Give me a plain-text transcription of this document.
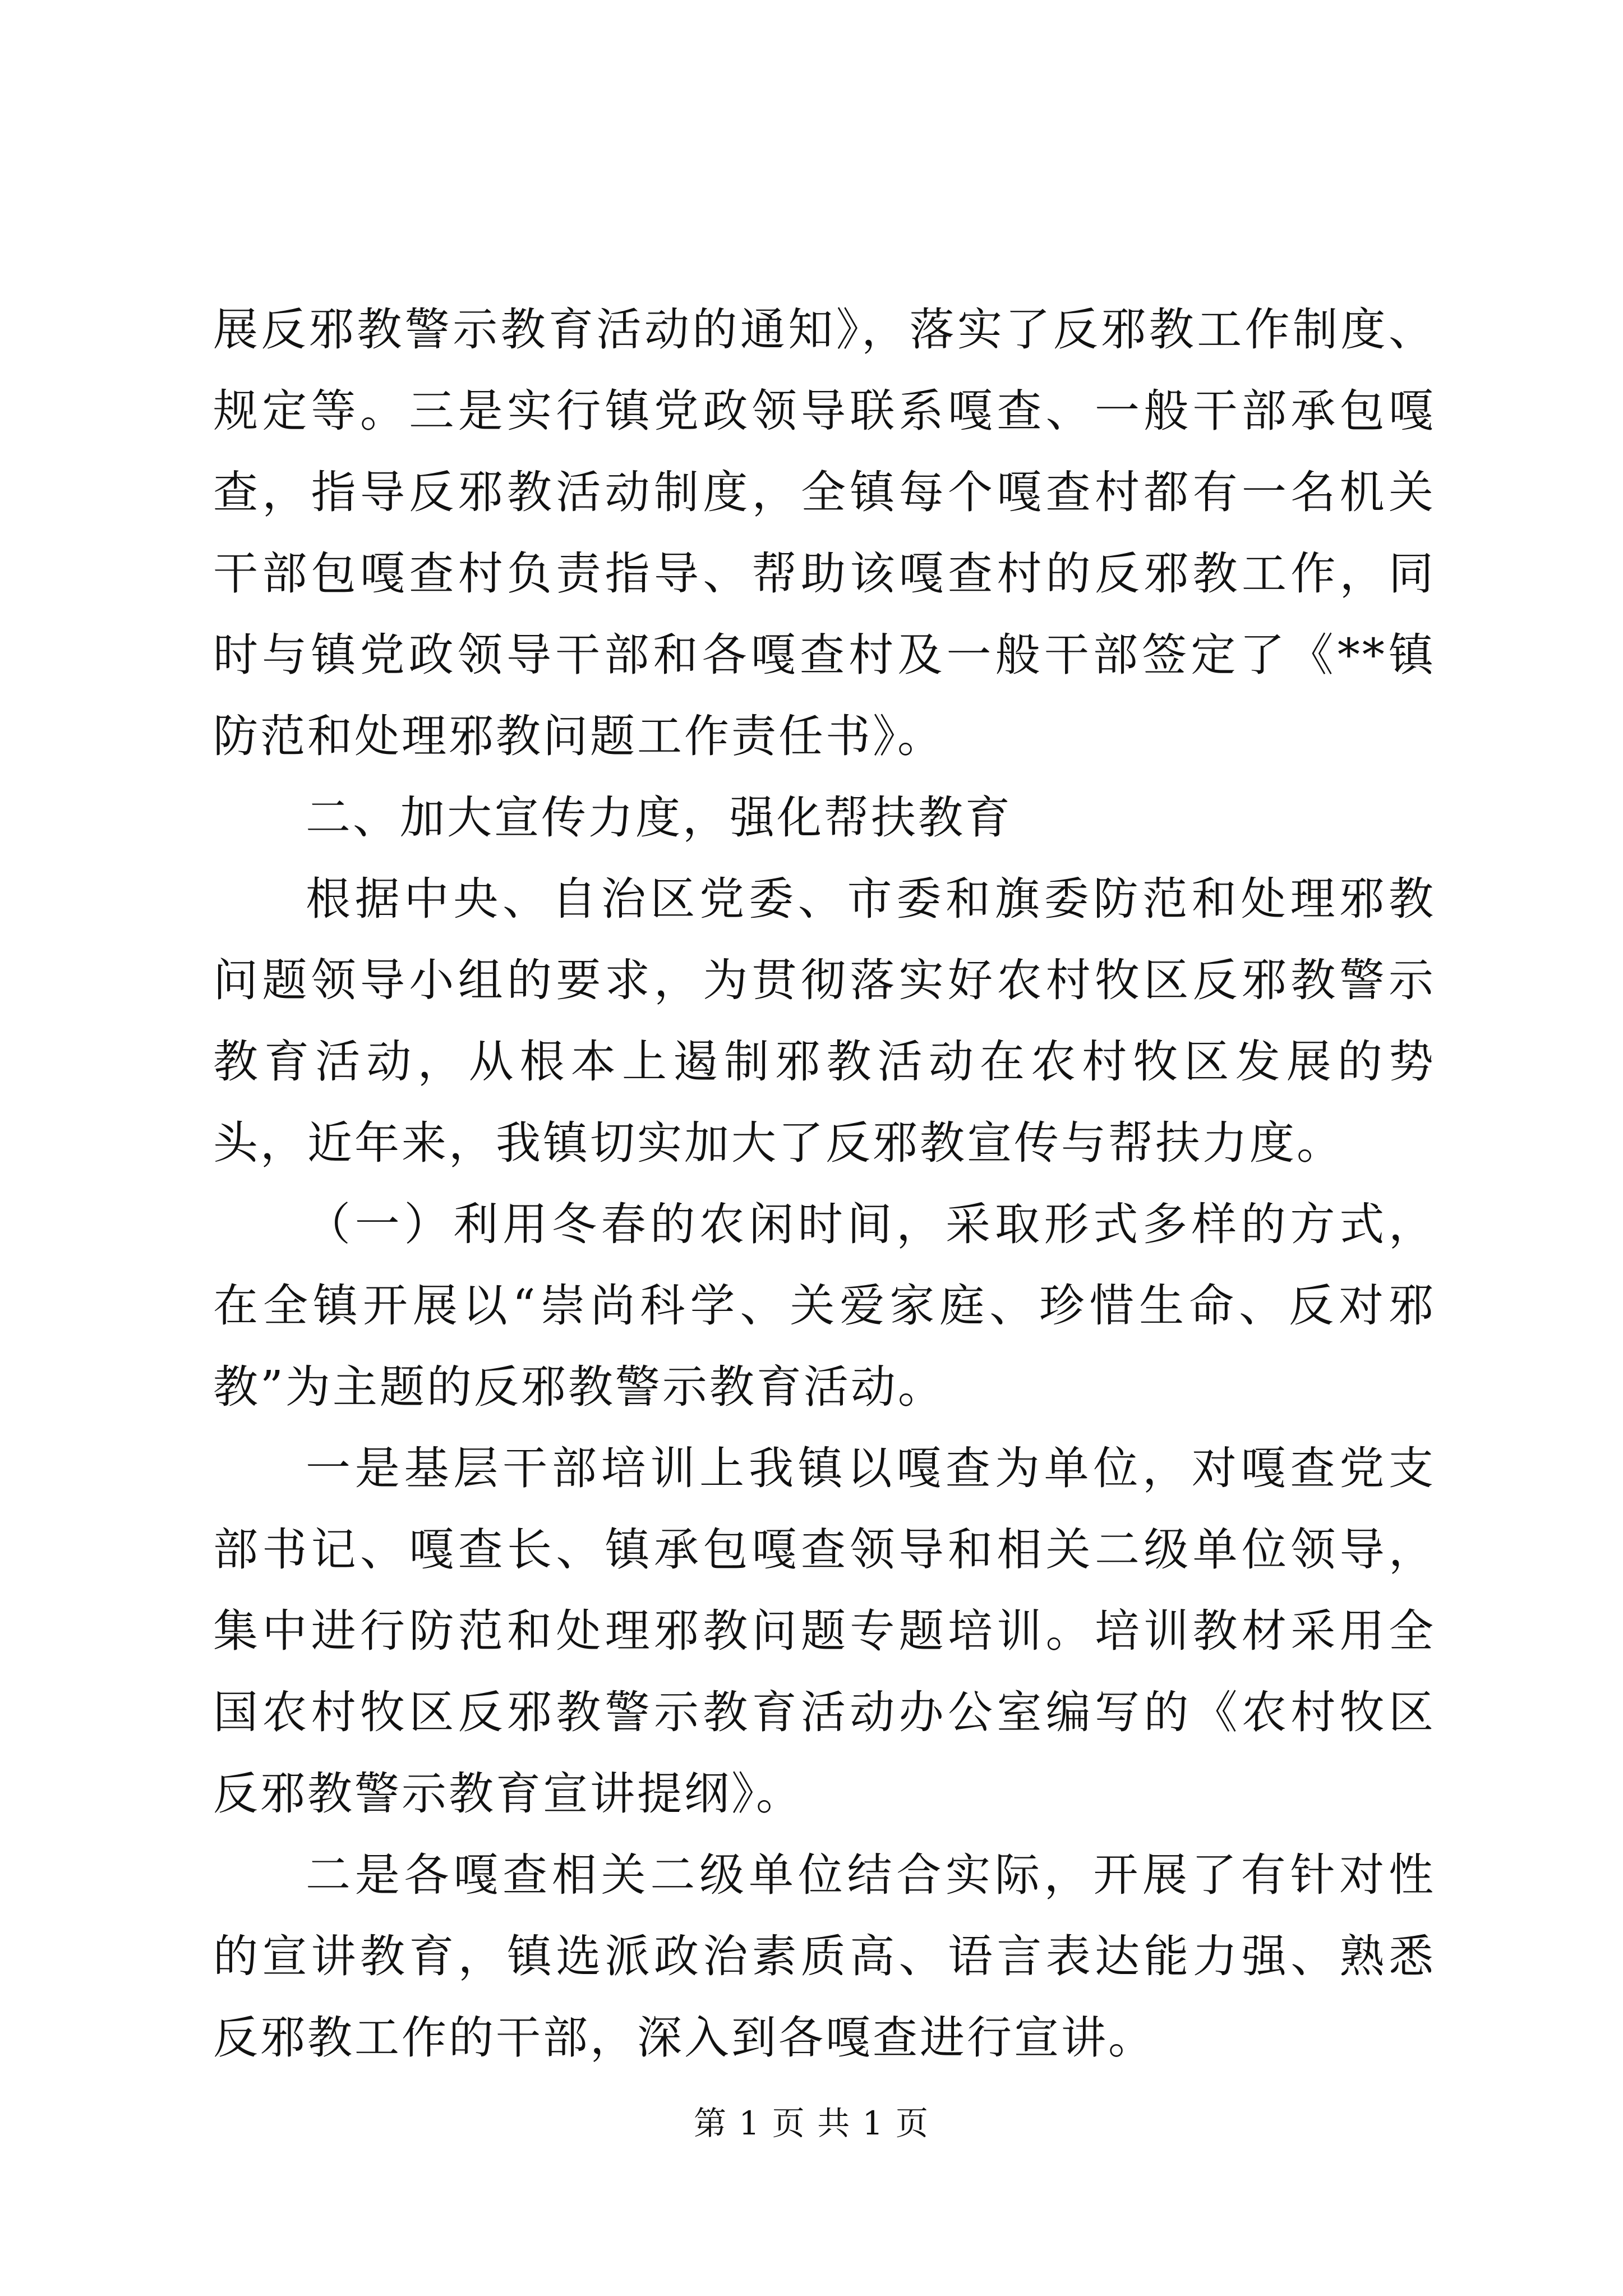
展反邪教警示教育活动的通知》，落实了反邪教工作制度、规定等。三是实行镇党政领导联系嘎查、一般干部承包嘎查，指导反邪教活动制度，全镇每个嘎查村都有一名机关干部包嘎查村负责指导、帮助该嘎查村的反邪教工作，同时与镇党政领导干部和各嘎查村及一般干部签定了《**镇防范和处理邪教问题工作责任书》。

二、加大宣传力度，强化帮扶教育

根据中央、自治区党委、市委和旗委防范和处理邪教问题领导小组的要求，为贯彻落实好农村牧区反邪教警示教育活动，从根本上遏制邪教活动在农村牧区发展的势头，近年来，我镇切实加大了反邪教宣传与帮扶力度。

（一）利用冬春的农闲时间，采取形式多样的方式，在全镇开展以“崇尚科学、关爱家庭、珍惜生命、反对邪教”为主题的反邪教警示教育活动。

一是基层干部培训上我镇以嘎查为单位，对嘎查党支部书记、嘎查长、镇承包嘎查领导和相关二级单位领导，集中进行防范和处理邪教问题专题培训。培训教材采用全国农村牧区反邪教警示教育活动办公室编写的《农村牧区反邪教警示教育宣讲提纲》。

二是各嘎查相关二级单位结合实际，开展了有针对性的宣讲教育，镇选派政治素质高、语言表达能力强、熟悉反邪教工作的干部，深入到各嘎查进行宣讲。

第 1 页 共 1 页
